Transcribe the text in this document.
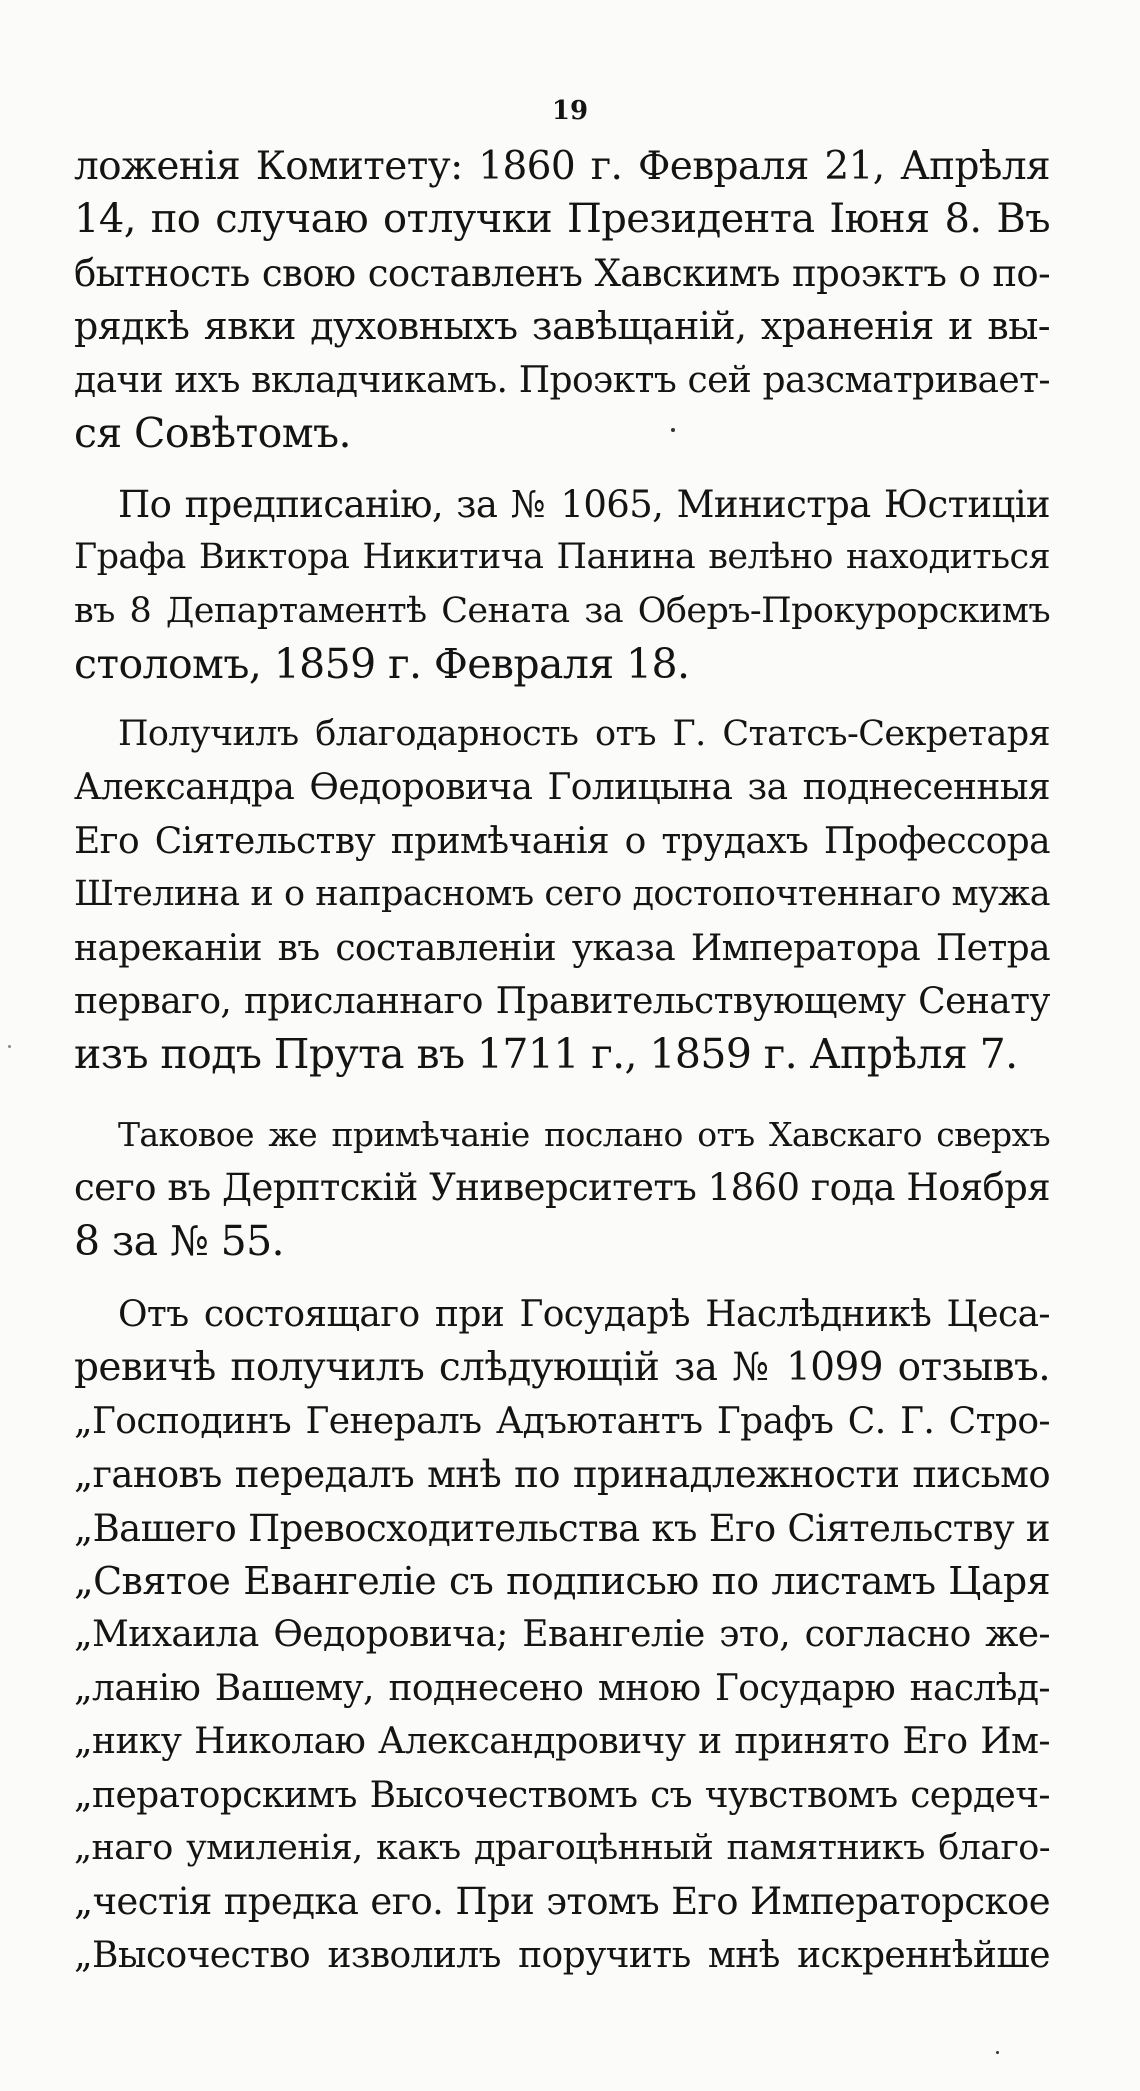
19
ложенія Комитету: 1860 г. Февраля 21, Апрѣля
14, по случаю отлучки Президента Іюня 8. Въ
бытность свою составленъ Хавскимъ проэктъ о по-
рядкѣ явки духовныхъ завѣщаній, храненія и вы-
дачи ихъ вкладчикамъ. Проэктъ сей разсматривает-
ся Совѣтомъ.
По предписанію, за № 1065, Министра Юстиціи
Графа Виктора Никитича Панина велѣно находиться
въ 8 Департаментѣ Сената за Оберъ-Прокурорскимъ
столомъ, 1859 г. Февраля 18.
Получилъ благодарность отъ Г. Статсъ-Секретаря
Александра Ѳедоровича Голицына за поднесенныя
Его Сіятельству примѣчанія о трудахъ Профессора
Штелина и о напрасномъ сего достопочтеннаго мужа
нареканіи въ составленіи указа Императора Петра
перваго, присланнаго Правительствующему Сенату
изъ подъ Прута въ 1711 г., 1859 г. Апрѣля 7.
Таковое же примѣчаніе послано отъ Хавскаго сверхъ
сего въ Дерптскій Университетъ 1860 года Ноября
8 за № 55.
Отъ состоящаго при Государѣ Наслѣдникѣ Цеса-
ревичѣ получилъ слѣдующій за № 1099 отзывъ.
„Господинъ Генералъ Адъютантъ Графъ С. Г. Стро-
„гановъ передалъ мнѣ по принадлежности письмо
„Вашего Превосходительства къ Его Сіятельству и
„Святое Евангеліе съ подписью по листамъ Царя
„Михаила Ѳедоровича; Евангеліе это, согласно же-
„ланію Вашему, поднесено мною Государю наслѣд-
„нику Николаю Александровичу и принято Его Им-
„ператорскимъ Высочествомъ съ чувствомъ сердеч-
„наго умиленія, какъ драгоцѣнный памятникъ благо-
„честія предка его. При этомъ Его Императорское
„Высочество изволилъ поручить мнѣ искреннѣйше
